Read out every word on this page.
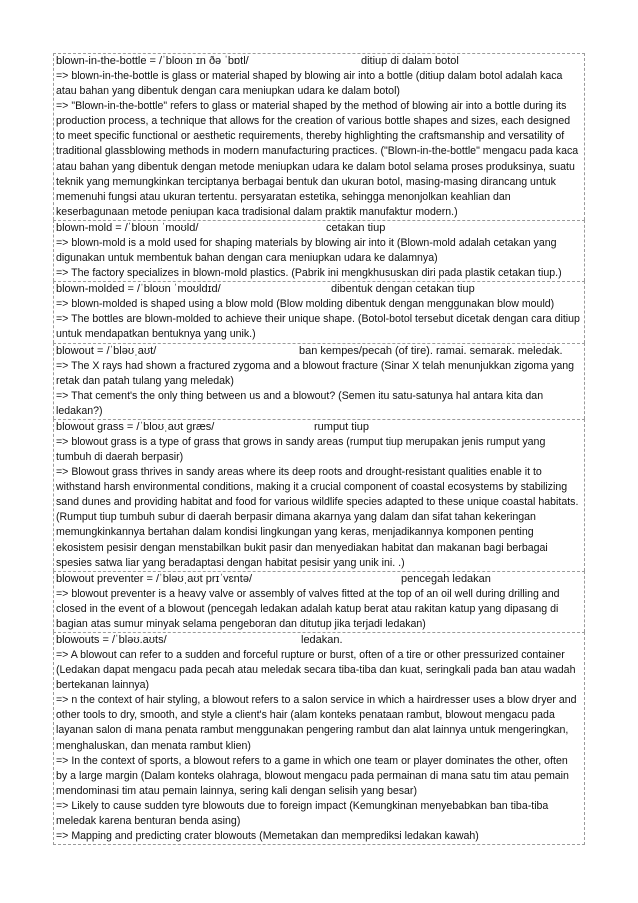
blown-in-the-bottle = /ˈbloʊn ɪn ðə ˈbɒtl/	ditiup di dalam botol

=> blown-in-the-bottle is glass or material shaped by blowing air into a bottle (ditiup dalam botol adalah kaca atau bahan yang dibentuk dengan cara meniupkan udara ke dalam botol)

=> "Blown-in-the-bottle" refers to glass or material shaped by the method of blowing air into a bottle during its production process, a technique that allows for the creation of various bottle shapes and sizes, each designed to meet specific functional or aesthetic requirements, thereby highlighting the craftsmanship and versatility of traditional glassblowing methods in modern manufacturing practices. ("Blown-in-the-bottle" mengacu pada kaca atau bahan yang dibentuk dengan metode meniupkan udara ke dalam botol selama proses produksinya, suatu teknik yang memungkinkan terciptanya berbagai bentuk dan ukuran botol, masing-masing dirancang untuk memenuhi fungsi atau ukuran tertentu. persyaratan estetika, sehingga menonjolkan keahlian dan keserbagunaan metode peniupan kaca tradisional dalam praktik manufaktur modern.)

blown-mold = /ˈbloʊn ˈmoʊld/	cetakan tiup

=> blown-mold is a mold used for shaping materials by blowing air into it (Blown-mold adalah cetakan yang digunakan untuk membentuk bahan dengan cara meniupkan udara ke dalamnya)

=> The factory specializes in blown-mold plastics. (Pabrik ini mengkhususkan diri pada plastik cetakan tiup.)

blown-molded = /ˈbloʊn ˈmoʊldɪd/	dibentuk dengan cetakan tiup

=> blown-molded is shaped using a blow mold (Blow molding dibentuk dengan menggunakan blow mould)

=> The bottles are blown-molded to achieve their unique shape. (Botol-botol tersebut dicetak dengan cara ditiup untuk mendapatkan bentuknya yang unik.)

blowout = /ˈbləʊˌaʊt/	ban kempes/pecah (of tire). ramai. semarak. meledak.

=> The X rays had shown a fractured zygoma and a blowout fracture (Sinar X telah menunjukkan zigoma yang retak dan patah tulang yang meledak)

=> That cement's the only thing between us and a blowout? (Semen itu satu-satunya hal antara kita dan ledakan?)

blowout grass = /ˈbloʊˌaʊt græs/	rumput tiup

=> blowout grass is a type of grass that grows in sandy areas (rumput tiup merupakan jenis rumput yang tumbuh di daerah berpasir)

=> Blowout grass thrives in sandy areas where its deep roots and drought-resistant qualities enable it to withstand harsh environmental conditions, making it a crucial component of coastal ecosystems by stabilizing sand dunes and providing habitat and food for various wildlife species adapted to these unique coastal habitats. (Rumput tiup tumbuh subur di daerah berpasir dimana akarnya yang dalam dan sifat tahan kekeringan memungkinkannya bertahan dalam kondisi lingkungan yang keras, menjadikannya komponen penting ekosistem pesisir dengan menstabilkan bukit pasir dan menyediakan habitat dan makanan bagi berbagai spesies satwa liar yang beradaptasi dengan habitat pesisir yang unik ini. .)

blowout preventer = /ˈbləʊˌaʊt prɪˈvɛntə/	pencegah ledakan

=> blowout preventer is a heavy valve or assembly of valves fitted at the top of an oil well during drilling and closed in the event of a blowout (pencegah ledakan adalah katup berat atau rakitan katup yang dipasang di bagian atas sumur minyak selama pengeboran dan ditutup jika terjadi ledakan)

blowouts = /ˈbləʊ.aʊts/	ledakan.

=> A blowout can refer to a sudden and forceful rupture or burst, often of a tire or other pressurized container (Ledakan dapat mengacu pada pecah atau meledak secara tiba-tiba dan kuat, seringkali pada ban atau wadah bertekanan lainnya)

=> n the context of hair styling, a blowout refers to a salon service in which a hairdresser uses a blow dryer and other tools to dry, smooth, and style a client's hair (alam konteks penataan rambut, blowout mengacu pada layanan salon di mana penata rambut menggunakan pengering rambut dan alat lainnya untuk mengeringkan, menghaluskan, dan menata rambut klien)

=> In the context of sports, a blowout refers to a game in which one team or player dominates the other, often by a large margin (Dalam konteks olahraga, blowout mengacu pada permainan di mana satu tim atau pemain mendominasi tim atau pemain lainnya, sering kali dengan selisih yang besar)

=> Likely to cause sudden tyre blowouts due to foreign impact (Kemungkinan menyebabkan ban tiba-tiba meledak karena benturan benda asing)

=> Mapping and predicting crater blowouts (Memetakan dan memprediksi ledakan kawah)
